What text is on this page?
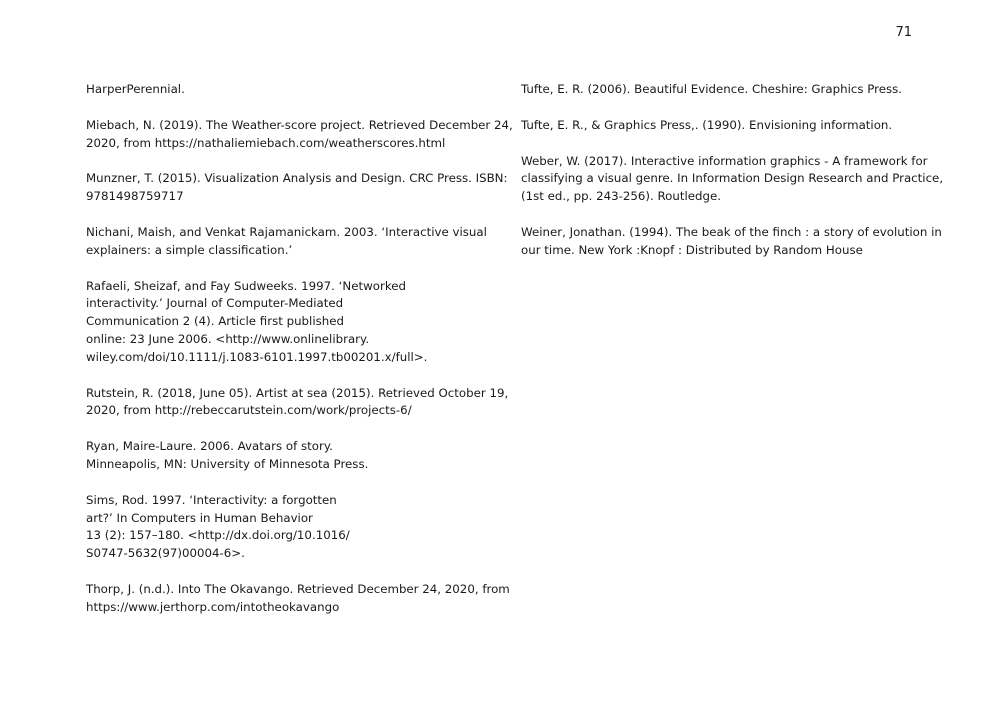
71
HarperPerennial.
Miebach, N. (2019). The Weather-score project. Retrieved December 24,
2020, from https://nathaliemiebach.com/weatherscores.html
Munzner, T. (2015). Visualization Analysis and Design. CRC Press. ISBN:
9781498759717
Nichani, Maish, and Venkat Rajamanickam. 2003. ‘Interactive visual
explainers: a simple classification.’
Rafaeli, Sheizaf, and Fay Sudweeks. 1997. ‘Networked
interactivity.’ Journal of Computer-Mediated
Communication 2 (4). Article first published
online: 23 June 2006. <http://www.onlinelibrary.
wiley.com/doi/10.1111/j.1083-6101.1997.tb00201.x/full>.
Rutstein, R. (2018, June 05). Artist at sea (2015). Retrieved October 19,
2020, from http://rebeccarutstein.com/work/projects-6/
Ryan, Maire-Laure. 2006. Avatars of story.
Minneapolis, MN: University of Minnesota Press.
Sims, Rod. 1997. ‘Interactivity: a forgotten
art?’ In Computers in Human Behavior
13 (2): 157–180. <http://dx.doi.org/10.1016/
S0747-5632(97)00004-6>.
Thorp, J. (n.d.). Into The Okavango. Retrieved December 24, 2020, from
https://www.jerthorp.com/intotheokavango
Tufte, E. R. (2006). Beautiful Evidence. Cheshire: Graphics Press.
Tufte, E. R., & Graphics Press,. (1990). Envisioning information.
Weber, W. (2017). Interactive information graphics - A framework for
classifying a visual genre. In Information Design Research and Practice,
(1st ed., pp. 243-256). Routledge.
Weiner, Jonathan. (1994). The beak of the finch : a story of evolution in
our time. New York :Knopf : Distributed by Random House
